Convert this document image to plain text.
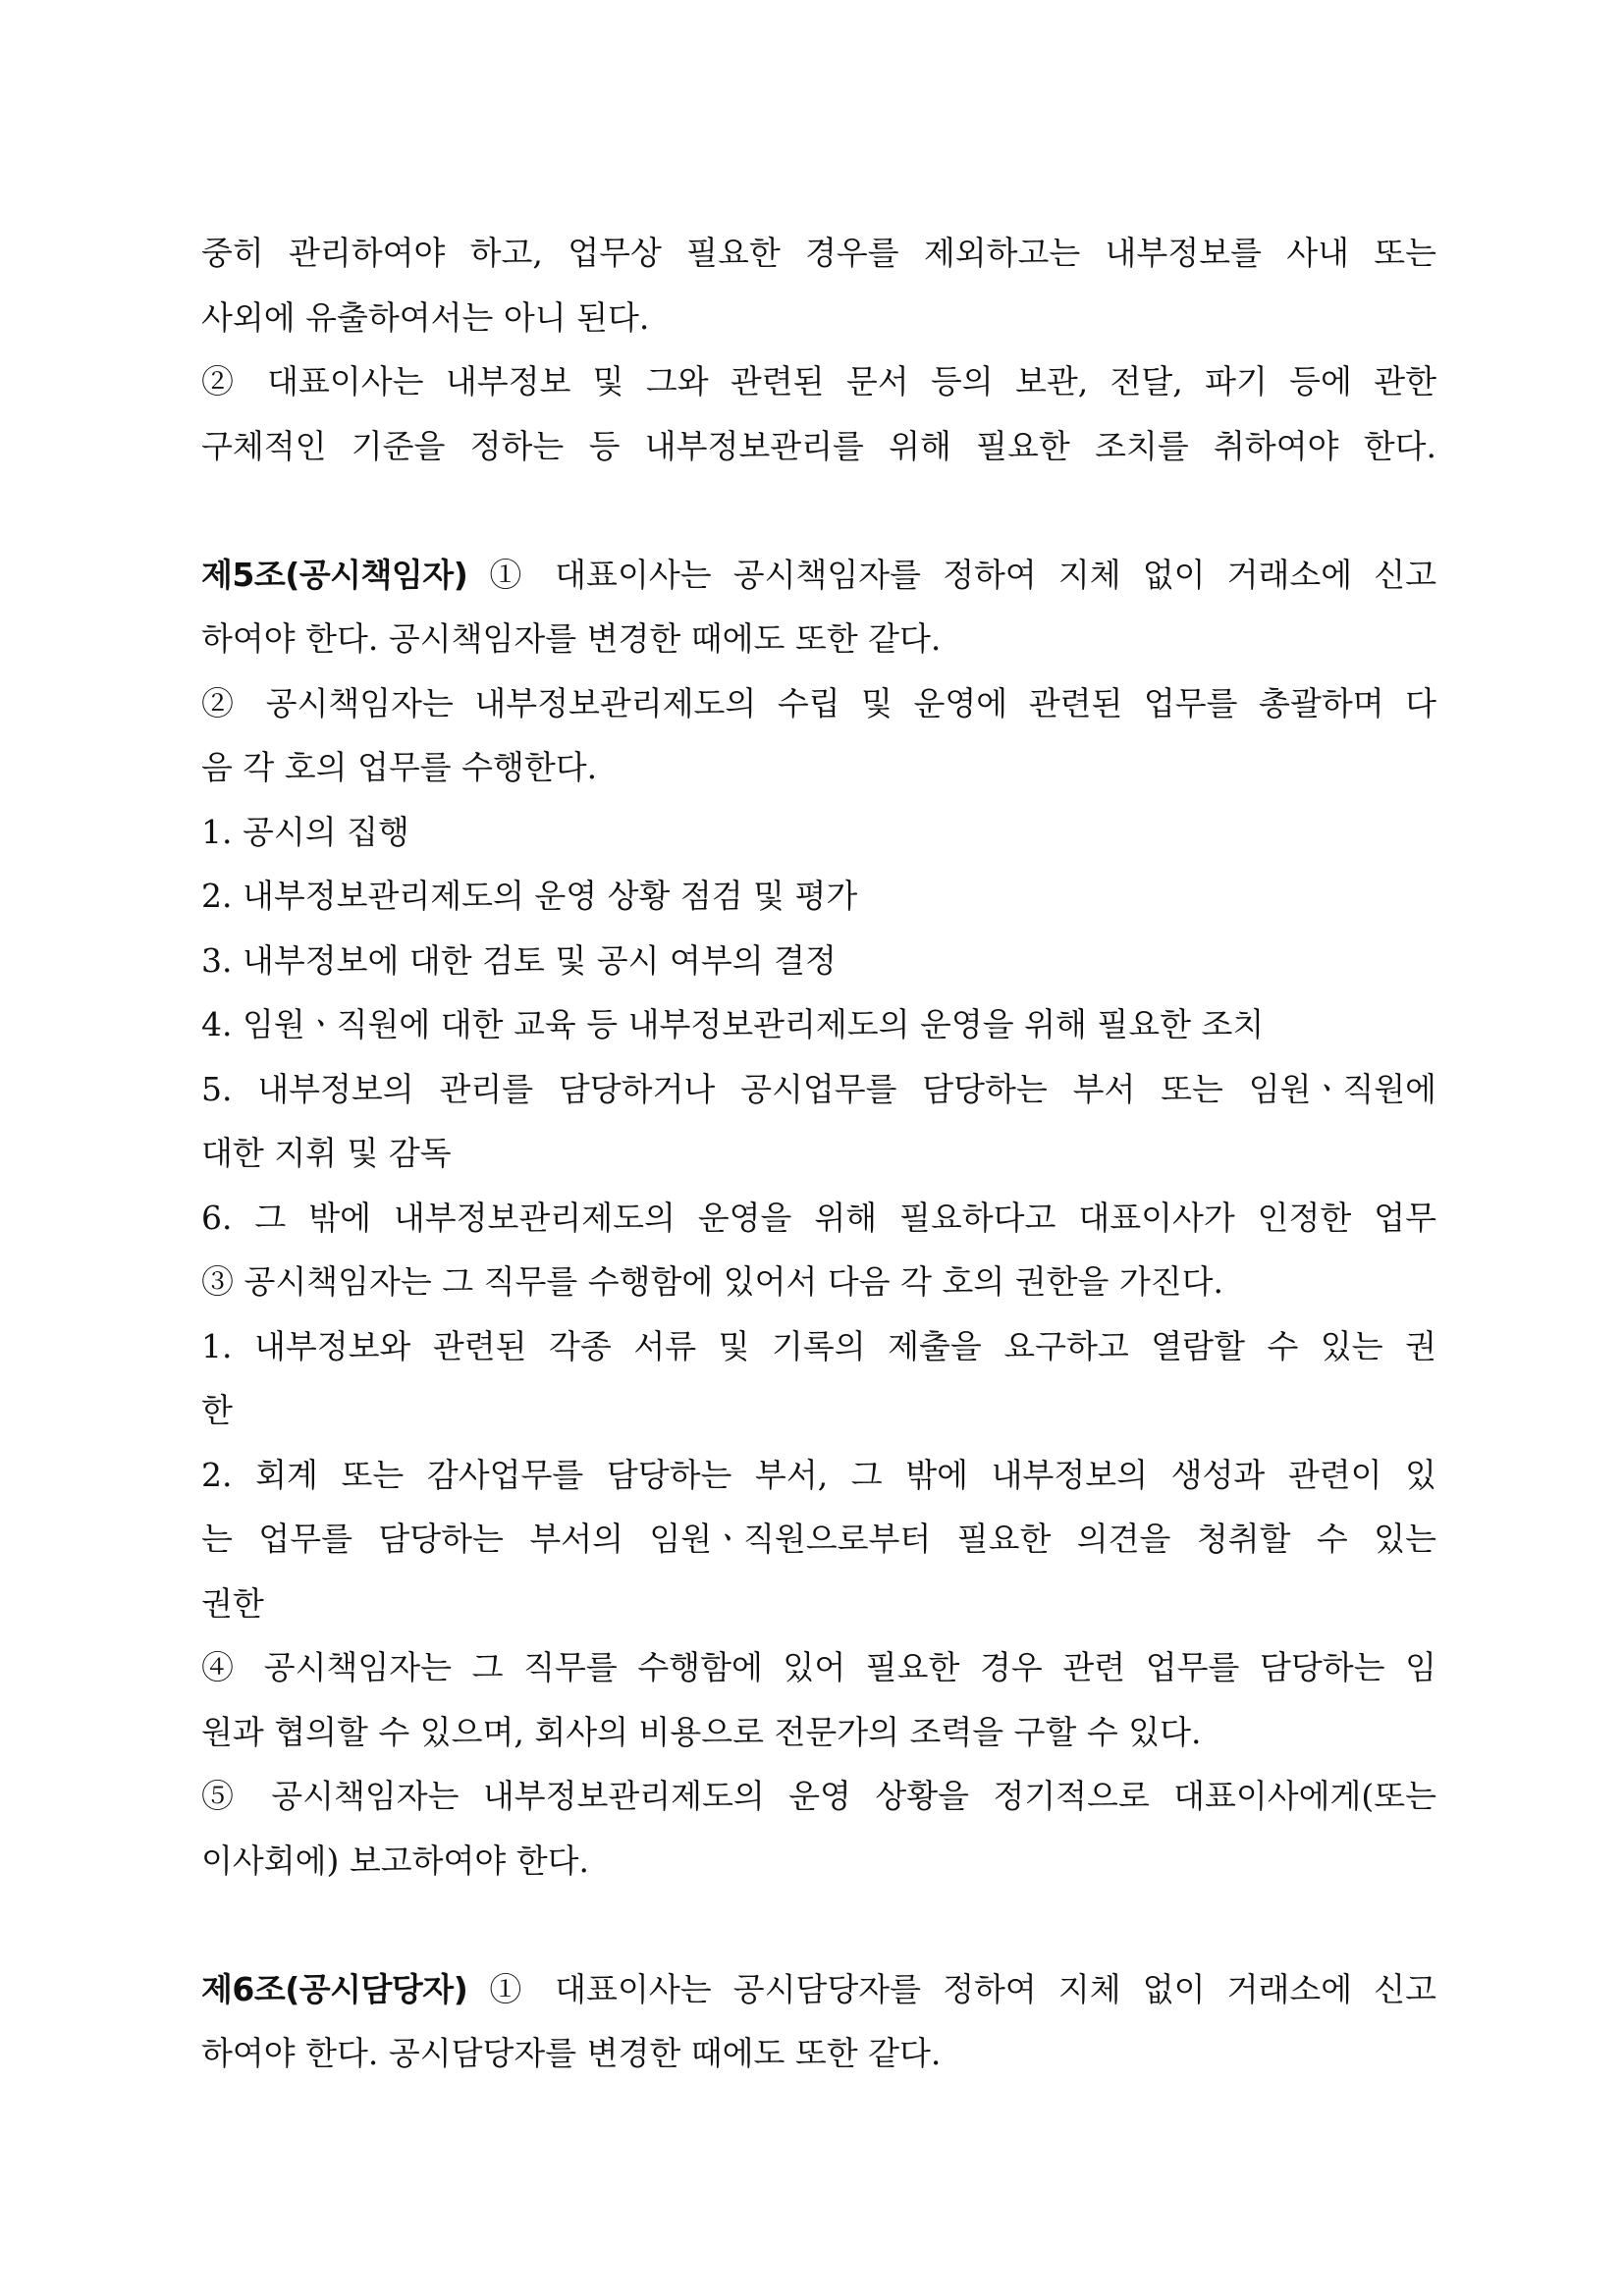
중히 관리하여야 하고, 업무상 필요한 경우를 제외하고는 내부정보를 사내 또는
사외에 유출하여서는 아니 된다.
② 대표이사는 내부정보 및 그와 관련된 문서 등의 보관, 전달, 파기 등에 관한
구체적인 기준을 정하는 등 내부정보관리를 위해 필요한 조치를 취하여야 한다.
제5조(공시책임자) ① 대표이사는 공시책임자를 정하여 지체 없이 거래소에 신고
하여야 한다. 공시책임자를 변경한 때에도 또한 같다.
② 공시책임자는 내부정보관리제도의 수립 및 운영에 관련된 업무를 총괄하며 다
음 각 호의 업무를 수행한다.
1. 공시의 집행
2. 내부정보관리제도의 운영 상황 점검 및 평가
3. 내부정보에 대한 검토 및 공시 여부의 결정
4. 임원ㆍ직원에 대한 교육 등 내부정보관리제도의 운영을 위해 필요한 조치
5. 내부정보의 관리를 담당하거나 공시업무를 담당하는 부서 또는 임원ㆍ직원에
대한 지휘 및 감독
6. 그 밖에 내부정보관리제도의 운영을 위해 필요하다고 대표이사가 인정한 업무
③ 공시책임자는 그 직무를 수행함에 있어서 다음 각 호의 권한을 가진다.
1. 내부정보와 관련된 각종 서류 및 기록의 제출을 요구하고 열람할 수 있는 권
한
2. 회계 또는 감사업무를 담당하는 부서, 그 밖에 내부정보의 생성과 관련이 있
는 업무를 담당하는 부서의 임원ㆍ직원으로부터 필요한 의견을 청취할 수 있는
권한
④ 공시책임자는 그 직무를 수행함에 있어 필요한 경우 관련 업무를 담당하는 임
원과 협의할 수 있으며, 회사의 비용으로 전문가의 조력을 구할 수 있다.
⑤ 공시책임자는 내부정보관리제도의 운영 상황을 정기적으로 대표이사에게(또는
이사회에) 보고하여야 한다.
제6조(공시담당자) ① 대표이사는 공시담당자를 정하여 지체 없이 거래소에 신고
하여야 한다. 공시담당자를 변경한 때에도 또한 같다.
